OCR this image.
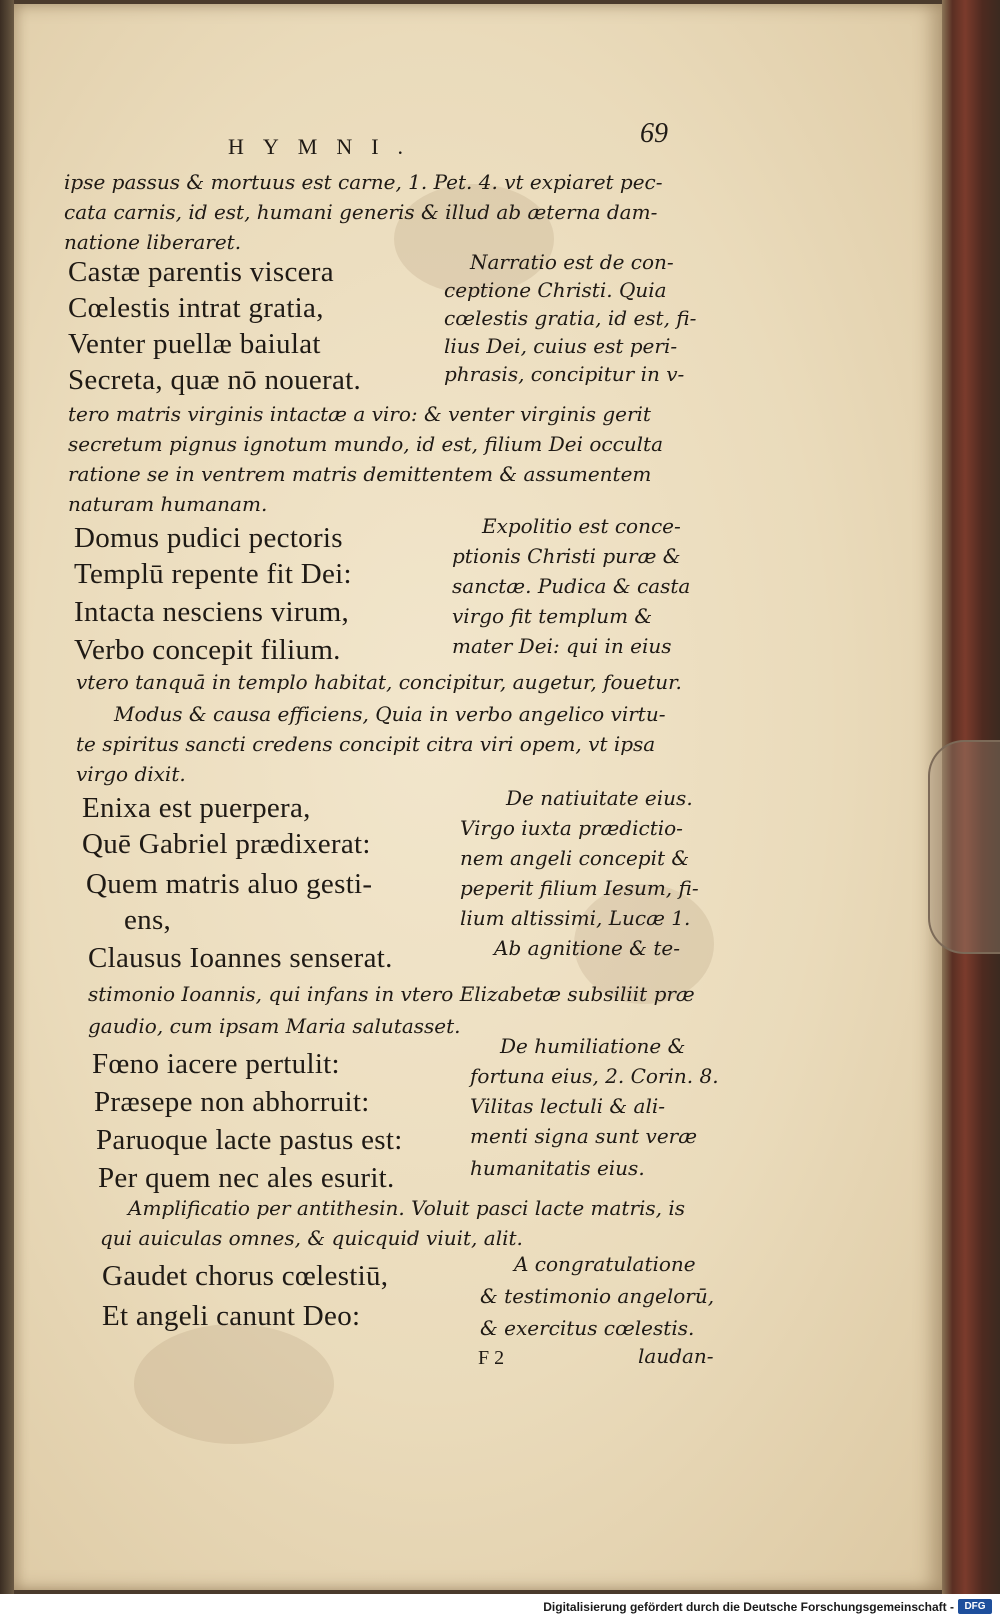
HYMNI.	69

ipse passus & mortuus est carne, 1. Pet. 4. vt expiaret pec-

cata carnis, id est, humani generis & illud ab æterna dam-

natione liberaret.

Castæ parentis viscera

Cœlestis intrat gratia,

Venter puellæ baiulat

Secreta, quæ nō nouerat.

Narratio est de con-

ceptione Christi. Quia

cœlestis gratia, id est, fi-

lius Dei, cuius est peri-

phrasis, concipitur in v-

tero matris virginis intactæ a viro: & venter virginis gerit

secretum pignus ignotum mundo, id est, filium Dei occulta

ratione se in ventrem matris demittentem & assumentem

naturam humanam.

Domus pudici pectoris

Templū repente fit Dei:

Intacta nesciens virum,

Verbo concepit filium.

Expolitio est conce-

ptionis Christi puræ &

sanctæ. Pudica & casta

virgo fit templum &

mater Dei: qui in eius

vtero tanquā in templo habitat, concipitur, augetur, fouetur.

Modus & causa efficiens, Quia in verbo angelico virtu-

te spiritus sancti credens concipit citra viri opem, vt ipsa

virgo dixit.

Enixa est puerpera,

Quē Gabriel prædixerat:

Quem matris aluo gesti-

ens,

Clausus Ioannes senserat.

De natiuitate eius.

Virgo iuxta prædictio-

nem angeli concepit &

peperit filium Iesum, fi-

lium altissimi, Lucæ 1.

Ab agnitione & te-

stimonio Ioannis, qui infans in vtero Elizabetæ subsiliit præ

gaudio, cum ipsam Maria salutasset.

Fœno iacere pertulit:

Præsepe non abhorruit:

Paruoque lacte pastus est:

Per quem nec ales esurit.

De humiliatione &

fortuna eius, 2. Corin. 8.

Vilitas lectuli & ali-

menti signa sunt veræ

humanitatis eius.

Amplificatio per antithesin. Voluit pasci lacte matris, is

qui auiculas omnes, & quicquid viuit, alit.

Gaudet chorus cœlestiū,

Et angeli canunt Deo:

A congratulatione

& testimonio angelorū,

& exercitus cœlestis.

F 2	laudan-

Digitalisierung gefördert durch die Deutsche Forschungsgemeinschaft -	DFG
